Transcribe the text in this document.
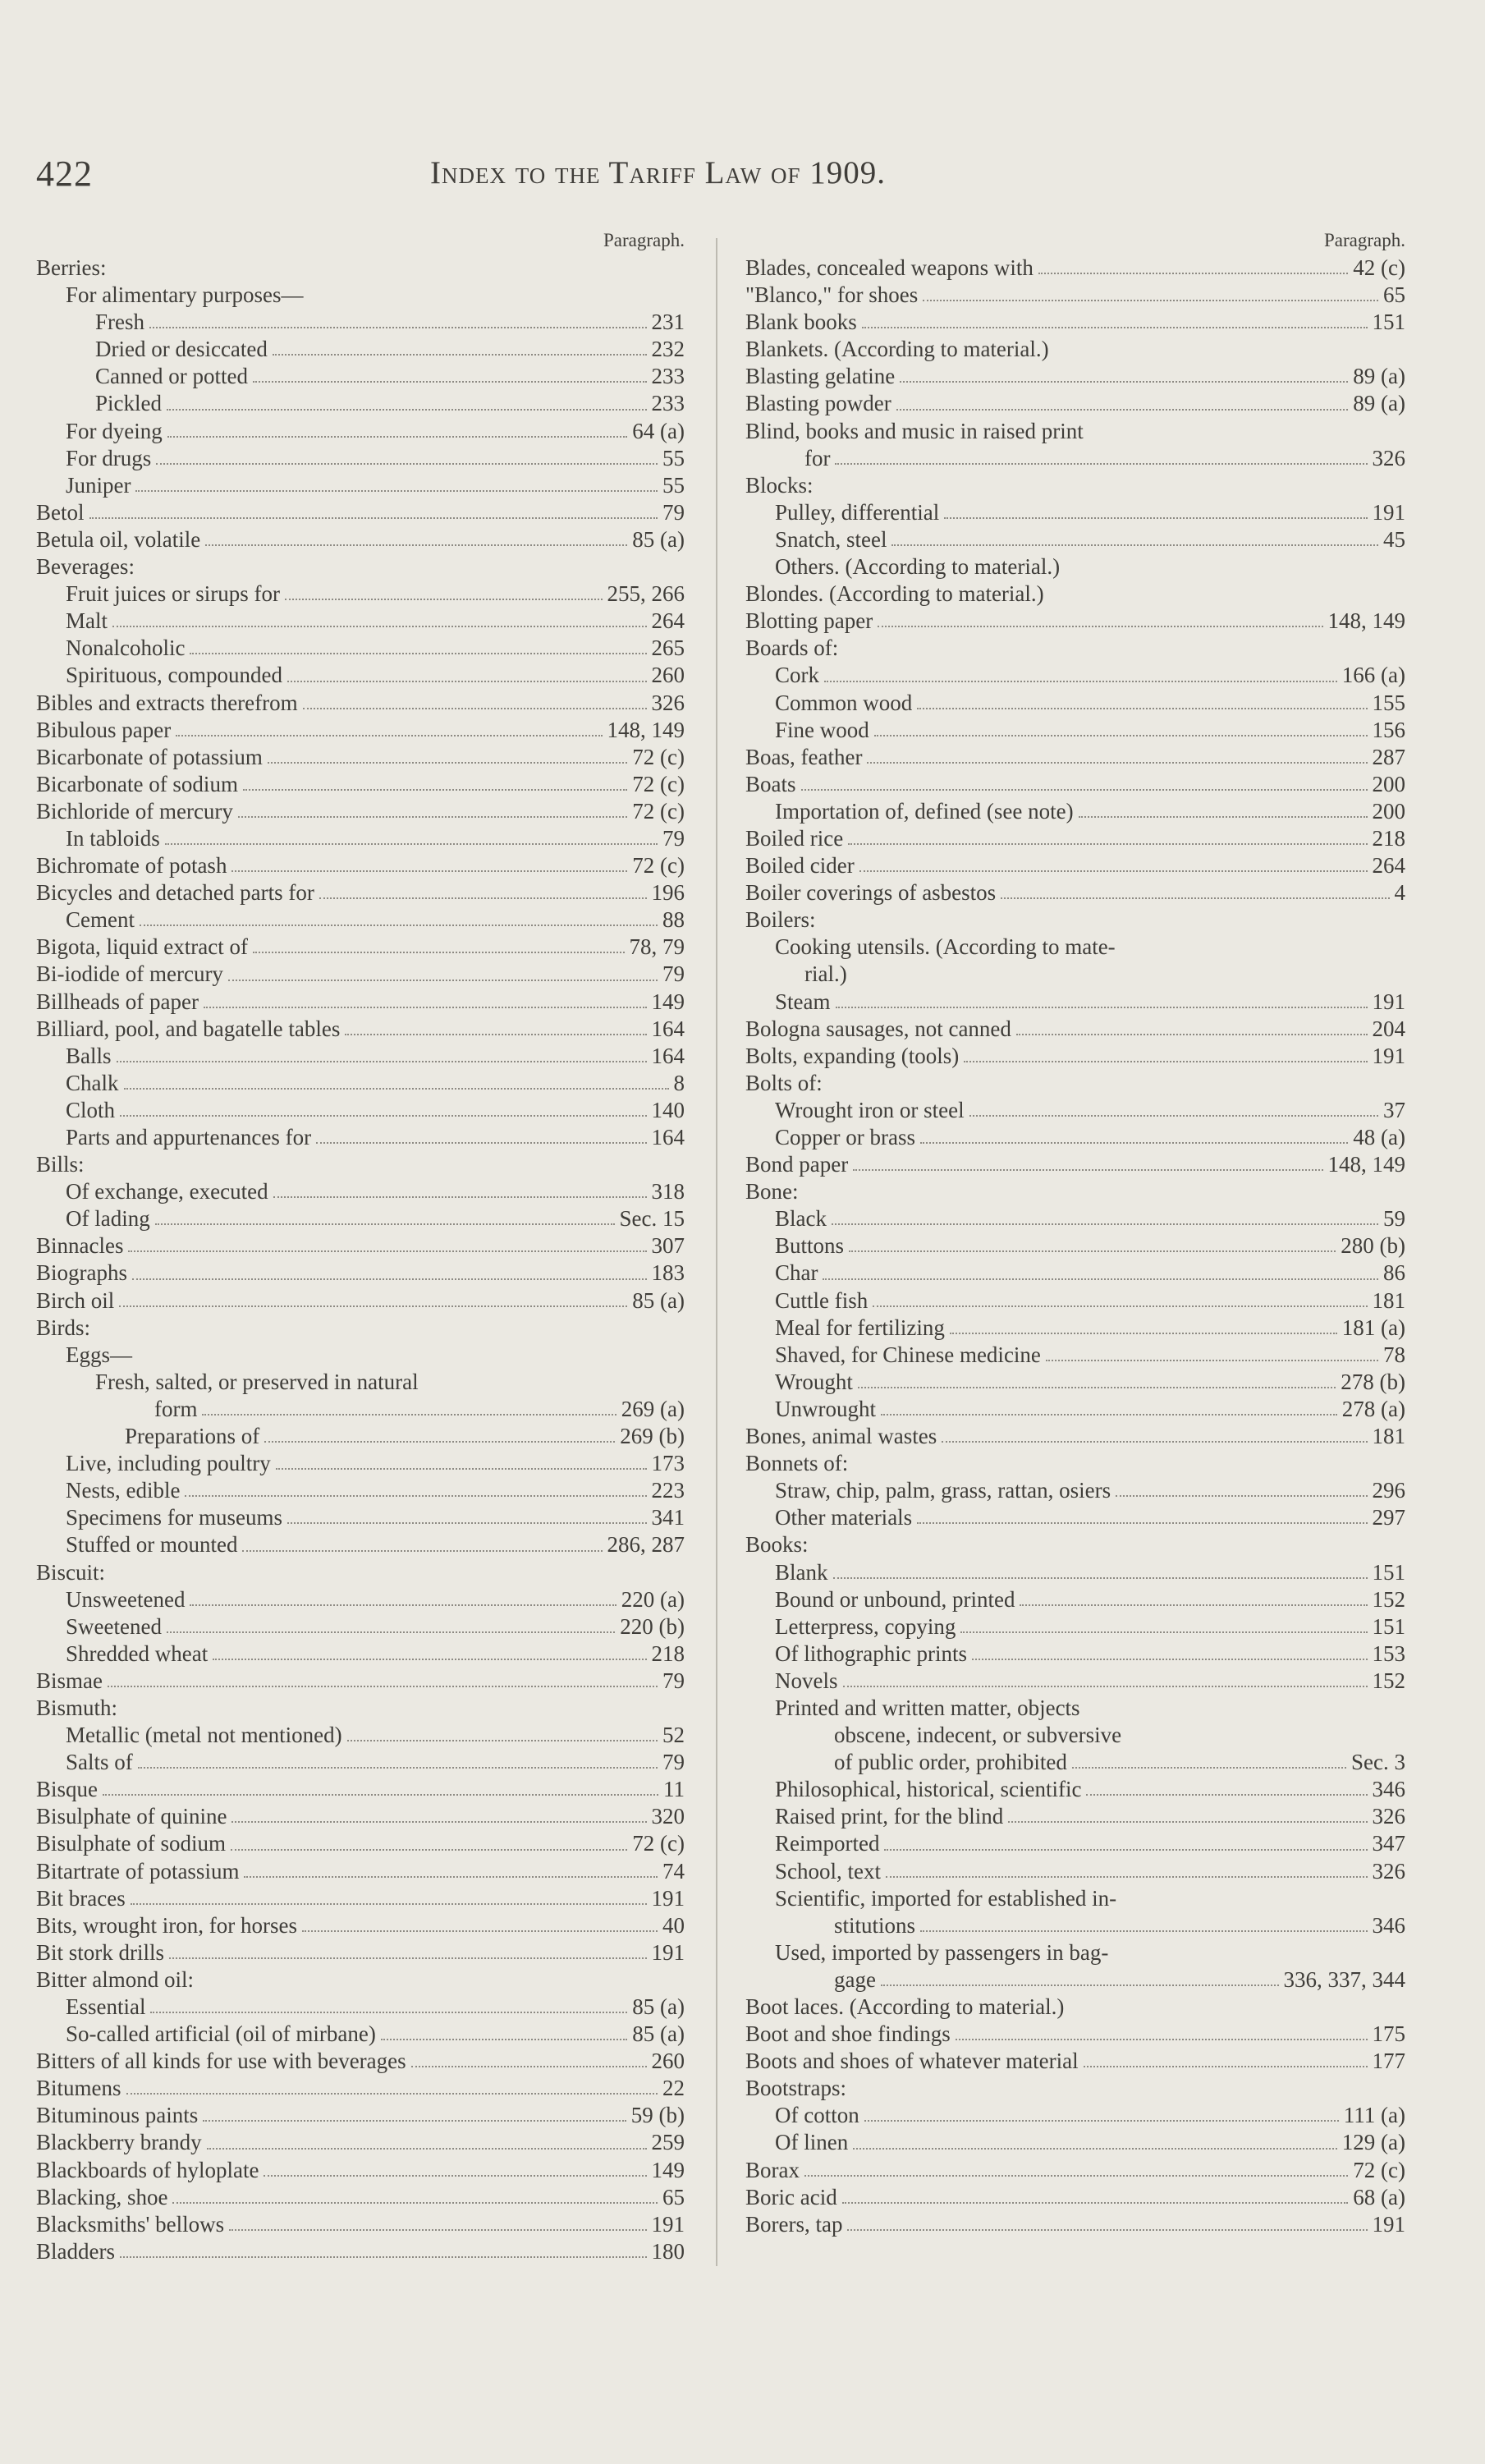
422	Index to the Tariff Law of 1909.
Paragraph.
Berries:
For alimentary purposes—
Fresh	231
Dried or desiccated	232
Canned or potted	233
Pickled	233
For dyeing	64 (a)
For drugs	55
Juniper	55
Betol	79
Betula oil, volatile	85 (a)
Beverages:
Fruit juices or sirups for	255, 266
Malt	264
Nonalcoholic	265
Spirituous, compounded	260
Bibles and extracts therefrom	326
Bibulous paper	148, 149
Bicarbonate of potassium	72 (c)
Bicarbonate of sodium	72 (c)
Bichloride of mercury	72 (c)
In tabloids	79
Bichromate of potash	72 (c)
Bicycles and detached parts for	196
Cement	88
Bigota, liquid extract of	78, 79
Bi-iodide of mercury	79
Billheads of paper	149
Billiard, pool, and bagatelle tables	164
Balls	164
Chalk	8
Cloth	140
Parts and appurtenances for	164
Bills:
Of exchange, executed	318
Of lading	Sec. 15
Binnacles	307
Biographs	183
Birch oil	85 (a)
Birds:
Eggs—
Fresh, salted, or preserved in natural
form	269 (a)
Preparations of	269 (b)
Live, including poultry	173
Nests, edible	223
Specimens for museums	341
Stuffed or mounted	286, 287
Biscuit:
Unsweetened	220 (a)
Sweetened	220 (b)
Shredded wheat	218
Bismae	79
Bismuth:
Metallic (metal not mentioned)	52
Salts of	79
Bisque	11
Bisulphate of quinine	320
Bisulphate of sodium	72 (c)
Bitartrate of potassium	74
Bit braces	191
Bits, wrought iron, for horses	40
Bit stork drills	191
Bitter almond oil:
Essential	85 (a)
So-called artificial (oil of mirbane)	85 (a)
Bitters of all kinds for use with beverages	260
Bitumens	22
Bituminous paints	59 (b)
Blackberry brandy	259
Blackboards of hyloplate	149
Blacking, shoe	65
Blacksmiths' bellows	191
Bladders	180
Paragraph.
Blades, concealed weapons with	42 (c)
"Blanco," for shoes	65
Blank books	151
Blankets. (According to material.)
Blasting gelatine	89 (a)
Blasting powder	89 (a)
Blind, books and music in raised print
for	326
Blocks:
Pulley, differential	191
Snatch, steel	45
Others. (According to material.)
Blondes. (According to material.)
Blotting paper	148, 149
Boards of:
Cork	166 (a)
Common wood	155
Fine wood	156
Boas, feather	287
Boats	200
Importation of, defined (see note)	200
Boiled rice	218
Boiled cider	264
Boiler coverings of asbestos	4
Boilers:
Cooking utensils. (According to mate-
rial.)
Steam	191
Bologna sausages, not canned	204
Bolts, expanding (tools)	191
Bolts of:
Wrought iron or steel	37
Copper or brass	48 (a)
Bond paper	148, 149
Bone:
Black	59
Buttons	280 (b)
Char	86
Cuttle fish	181
Meal for fertilizing	181 (a)
Shaved, for Chinese medicine	78
Wrought	278 (b)
Unwrought	278 (a)
Bones, animal wastes	181
Bonnets of:
Straw, chip, palm, grass, rattan, osiers	296
Other materials	297
Books:
Blank	151
Bound or unbound, printed	152
Letterpress, copying	151
Of lithographic prints	153
Novels	152
Printed and written matter, objects
obscene, indecent, or subversive
of public order, prohibited	Sec. 3
Philosophical, historical, scientific	346
Raised print, for the blind	326
Reimported	347
School, text	326
Scientific, imported for established in-
stitutions	346
Used, imported by passengers in bag-
gage	336, 337, 344
Boot laces. (According to material.)
Boot and shoe findings	175
Boots and shoes of whatever material	177
Bootstraps:
Of cotton	111 (a)
Of linen	129 (a)
Borax	72 (c)
Boric acid	68 (a)
Borers, tap	191
